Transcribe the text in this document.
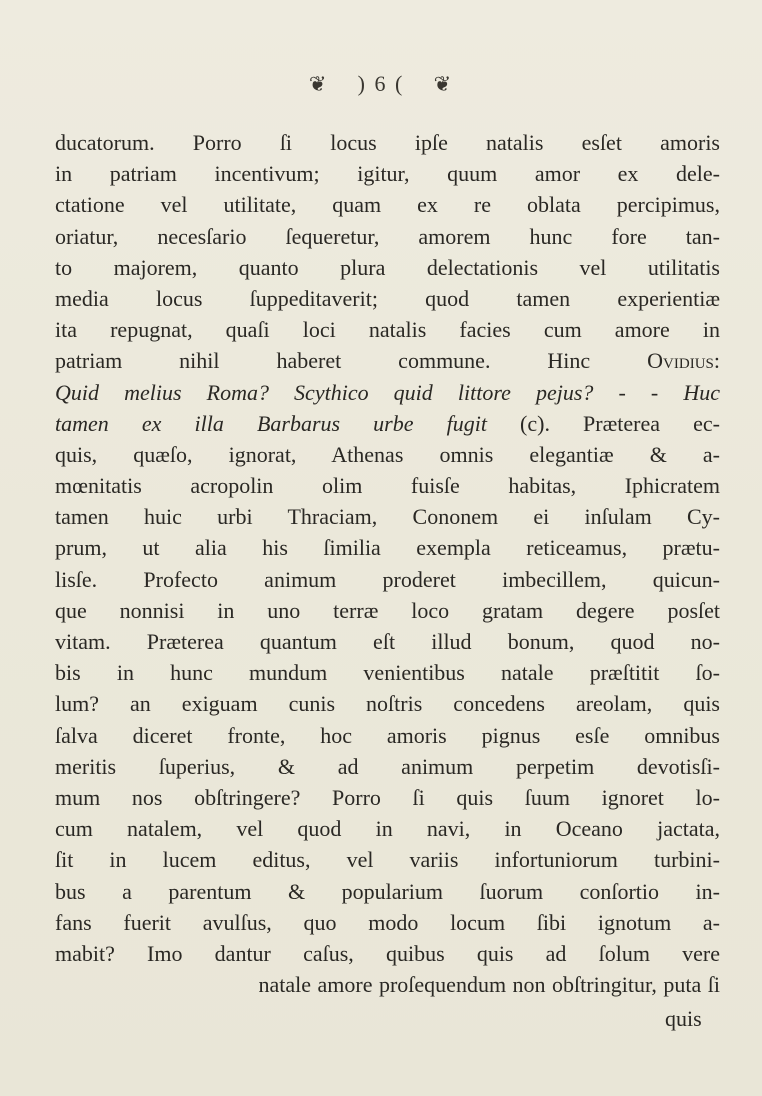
❦ ) 6 ( ❦
ducatorum. Porro ſi locus ipſe natalis esſet amoris
in patriam incentivum; igitur, quum amor ex dele-
ctatione vel utilitate, quam ex re oblata percipimus,
oriatur, necesſario ſequeretur, amorem hunc fore tan-
to majorem, quanto plura delectationis vel utilitatis
media locus ſuppeditaverit; quod tamen experientiæ
ita repugnat, quaſi loci natalis facies cum amore in
patriam nihil haberet commune. Hinc Ovidius:
Quid melius Roma? Scythico quid littore pejus? - - Huc
tamen ex illa Barbarus urbe fugit (c). Præterea ec-
quis, quæſo, ignorat, Athenas omnis elegantiæ & a-
mœnitatis acropolin olim fuisſe habitas, Iphicratem
tamen huic urbi Thraciam, Cononem ei inſulam Cy-
prum, ut alia his ſimilia exempla reticeamus, prætu-
lisſe. Profecto animum proderet imbecillem, quicun-
que nonnisi in uno terræ loco gratam degere posſet
vitam. Præterea quantum eſt illud bonum, quod no-
bis in hunc mundum venientibus natale præſtitit ſo-
lum? an exiguam cunis noſtris concedens areolam, quis
ſalva diceret fronte, hoc amoris pignus esſe omnibus
meritis ſuperius, & ad animum perpetim devotisſi-
mum nos obſtringere? Porro ſi quis ſuum ignoret lo-
cum natalem, vel quod in navi, in Oceano jactata,
ſit in lucem editus, vel variis infortuniorum turbini-
bus a parentum & popularium ſuorum conſortio in-
fans fuerit avulſus, quo modo locum ſibi ignotum a-
mabit? Imo dantur caſus, quibus quis ad ſolum vere
natale amore proſequendum non obſtringitur, puta ſi
quis
